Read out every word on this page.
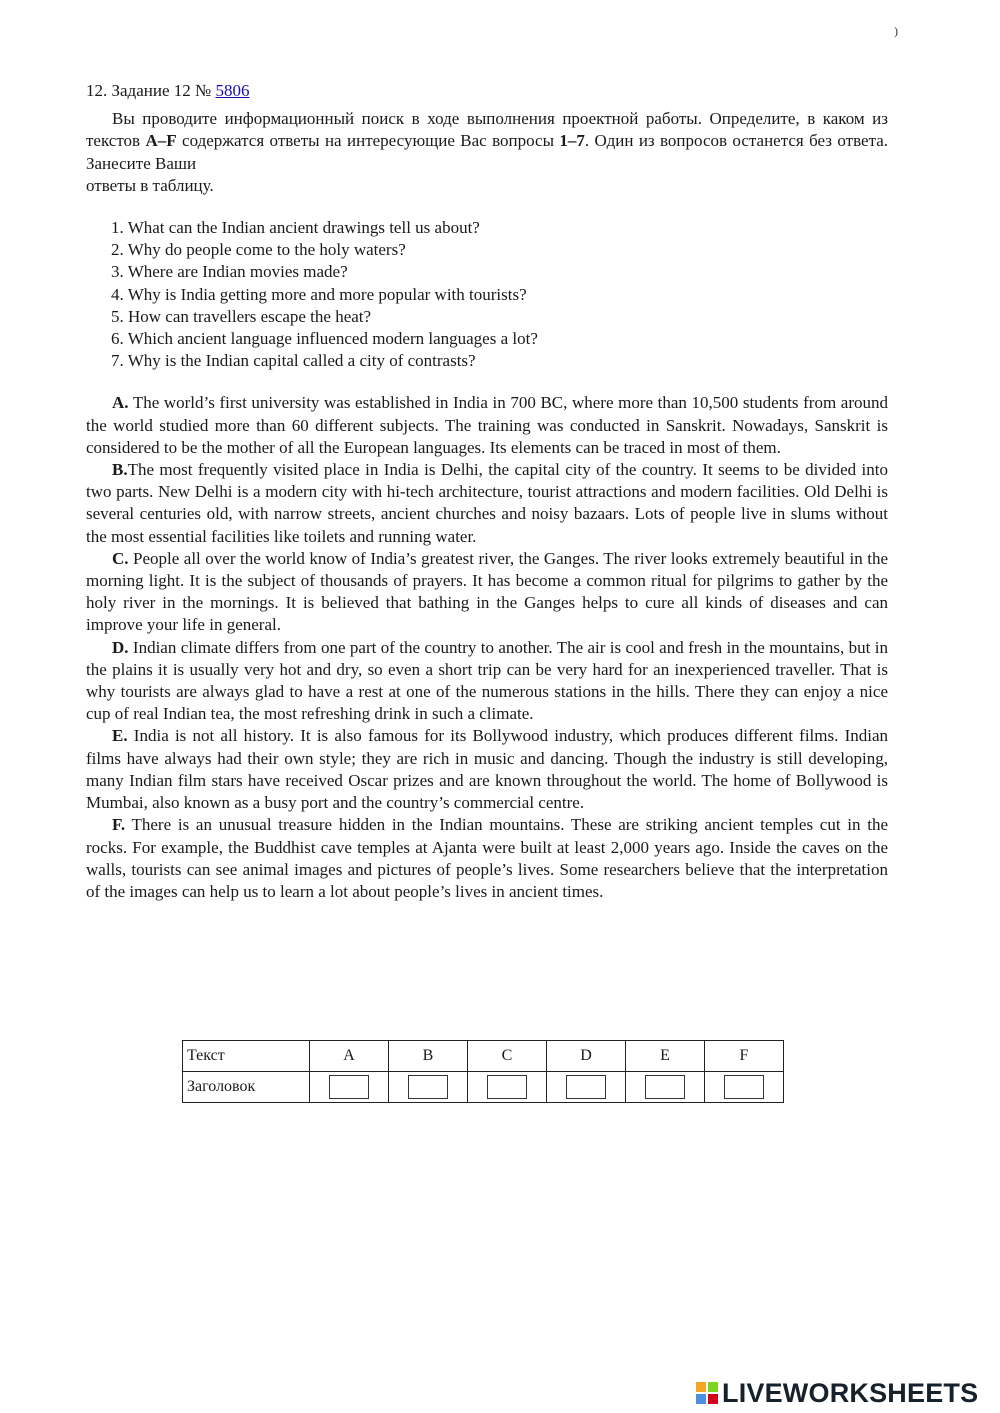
)

12. Задание 12 № 5806

Вы проводите информационный поиск в ходе выполнения проектной работы. Определите, в каком из текстов A–F содержатся ответы на интересующие Вас вопросы 1–7. Один из вопросов останется без ответа. Занесите Ваши

ответы в таблицу.

1. What can the Indian ancient drawings tell us about?
2. Why do people come to the holy waters?
3. Where are Indian movies made?
4. Why is India getting more and more popular with tourists?
5. How can travellers escape the heat?
6. Which ancient language influenced modern languages a lot?
7. Why is the Indian capital called a city of contrasts?

A. The world’s first university was established in India in 700 BC, where more than 10,500 students from around the world studied more than 60 different subjects. The training was conducted in Sanskrit. Nowadays, Sanskrit is considered to be the mother of all the European languages. Its elements can be traced in most of them.

B.The most frequently visited place in India is Delhi, the capital city of the country. It seems to be divided into two parts. New Delhi is a modern city with hi-tech architecture, tourist attractions and modern facilities. Old Delhi is several centuries old, with narrow streets, ancient churches and noisy bazaars. Lots of people live in slums without the most essential facilities like toilets and running water.

C. People all over the world know of India’s greatest river, the Ganges. The river looks extremely beautiful in the morning light. It is the subject of thousands of prayers. It has become a common ritual for pilgrims to gather by the holy river in the mornings. It is believed that bathing in the Ganges helps to cure all kinds of diseases and can improve your life in general.

D. Indian climate differs from one part of the country to another. The air is cool and fresh in the mountains, but in the plains it is usually very hot and dry, so even a short trip can be very hard for an inexperienced traveller. That is why tourists are always glad to have a rest at one of the numerous stations in the hills. There they can enjoy a nice cup of real Indian tea, the most refreshing drink in such a climate.

E. India is not all history. It is also famous for its Bollywood industry, which produces different films. Indian films have always had their own style; they are rich in music and dancing. Though the industry is still developing, many Indian film stars have received Oscar prizes and are known throughout the world. The home of Bollywood is Mumbai, also known as a busy port and the country’s commercial centre.

F. There is an unusual treasure hidden in the Indian mountains. These are striking ancient temples cut in the rocks. For example, the Buddhist cave temples at Ajanta were built at least 2,000 years ago. Inside the caves on the walls, tourists can see animal images and pictures of people’s lives. Some researchers believe that the interpretation of the images can help us to learn a lot about people’s lives in ancient times.

Текст	A	B	C	D	E	F
Заголовок						
LIVEWORKSHEETS
